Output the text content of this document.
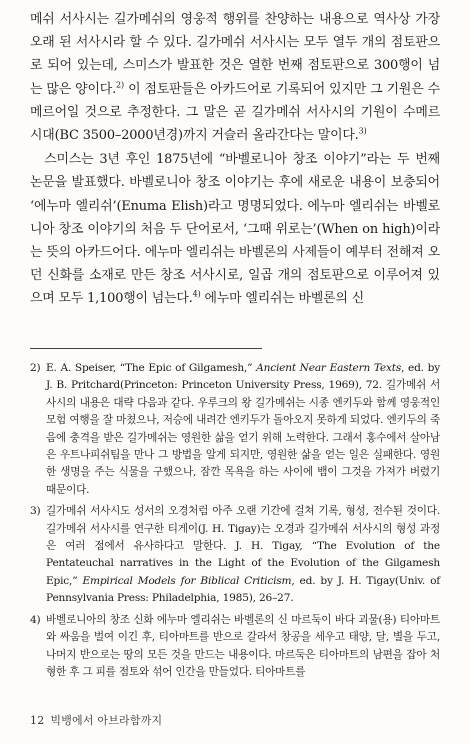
메쉬 서사시는 길가메쉬의 영웅적 행위를 찬양하는 내용으로 역사상 가장 오래 된 서사시라 할 수 있다. 길가메쉬 서사시는 모두 열두 개의 점토판으로 되어 있는데, 스미스가 발표한 것은 열한 번째 점토판으로 300행이 넘는 많은 양이다.$^{2)}$ 이 점토판들은 아카드어로 기록되어 있지만 그 기원은 수메르어일 것으로 추정한다. 그 말은 곧 길가메쉬 서사시의 기원이 수메르 시대(BC 3500–2000년경)까지 거슬러 올라간다는 말이다.$^{3)}$

스미스는 3년 후인 1875년에 “바벨로니아 창조 이야기”라는 두 번째 논문을 발표했다. 바벨로니아 창조 이야기는 후에 새로운 내용이 보충되어 ‘에누마 엘리쉬’(Enuma Elish)라고 명명되었다. 에누마 엘리쉬는 바벨로니아 창조 이야기의 처음 두 단어로서, ‘그때 위로는’(When on high)이라는 뜻의 아카드어다. 에누마 엘리쉬는 바벨론의 사제들이 예부터 전해져 오던 신화를 소재로 만든 창조 서사시로, 일곱 개의 점토판으로 이루어져 있으며 모두 1,100행이 넘는다.$^{4)}$ 에누마 엘리쉬는 바벨론의 신

2) E. A. Speiser, “The Epic of Gilgamesh,” Ancient Near Eastern Texts, ed. by J. B. Pritchard(Princeton: Princeton University Press, 1969), 72. 길가메쉬 서사시의 내용은 대략 다음과 같다. 우루크의 왕 길가메쉬는 시종 엔키두와 함께 영웅적인 모험 여행을 잘 마쳤으나, 저승에 내려간 엔키두가 돌아오지 못하게 되었다. 엔키두의 죽음에 충격을 받은 길가메쉬는 영원한 삶을 얻기 위해 노력한다. 그래서 홍수에서 살아남은 우트나피쉬팀을 만나 그 방법을 알게 되지만, 영원한 삶을 얻는 일은 실패한다. 영원한 생명을 주는 식물을 구했으나, 잠깐 목욕을 하는 사이에 뱀이 그것을 가져가 버렸기 때문이다.
3) 길가메쉬 서사시도 성서의 오경처럼 아주 오랜 기간에 걸쳐 기록, 형성, 전수된 것이다. 길가메쉬 서사시를 연구한 티게이(J. H. Tigay)는 오경과 길가메쉬 서사시의 형성 과정은 여러 점에서 유사하다고 말한다. J. H. Tigay, “The Evolution of the Pentateuchal narratives in the Light of the Evolution of the Gilgamesh Epic,” Empirical Models for Biblical Criticism, ed. by J. H. Tigay(Univ. of Pennsylvania Press: Philadelphia, 1985), 26–27.
4) 바벨로니아의 창조 신화 에누마 엘리쉬는 바벨론의 신 마르둑이 바다 괴물(용) 티아마트와 싸움을 벌여 이긴 후, 티아마트를 반으로 갈라서 창공을 세우고 태양, 달, 별을 두고, 나머지 반으로는 땅의 모든 것을 만드는 내용이다. 마르둑은 티아마트의 남편을 잡아 처형한 후 그 피를 점토와 섞어 인간을 만들었다. 티아마트를
12 빅뱅에서 아브라함까지
